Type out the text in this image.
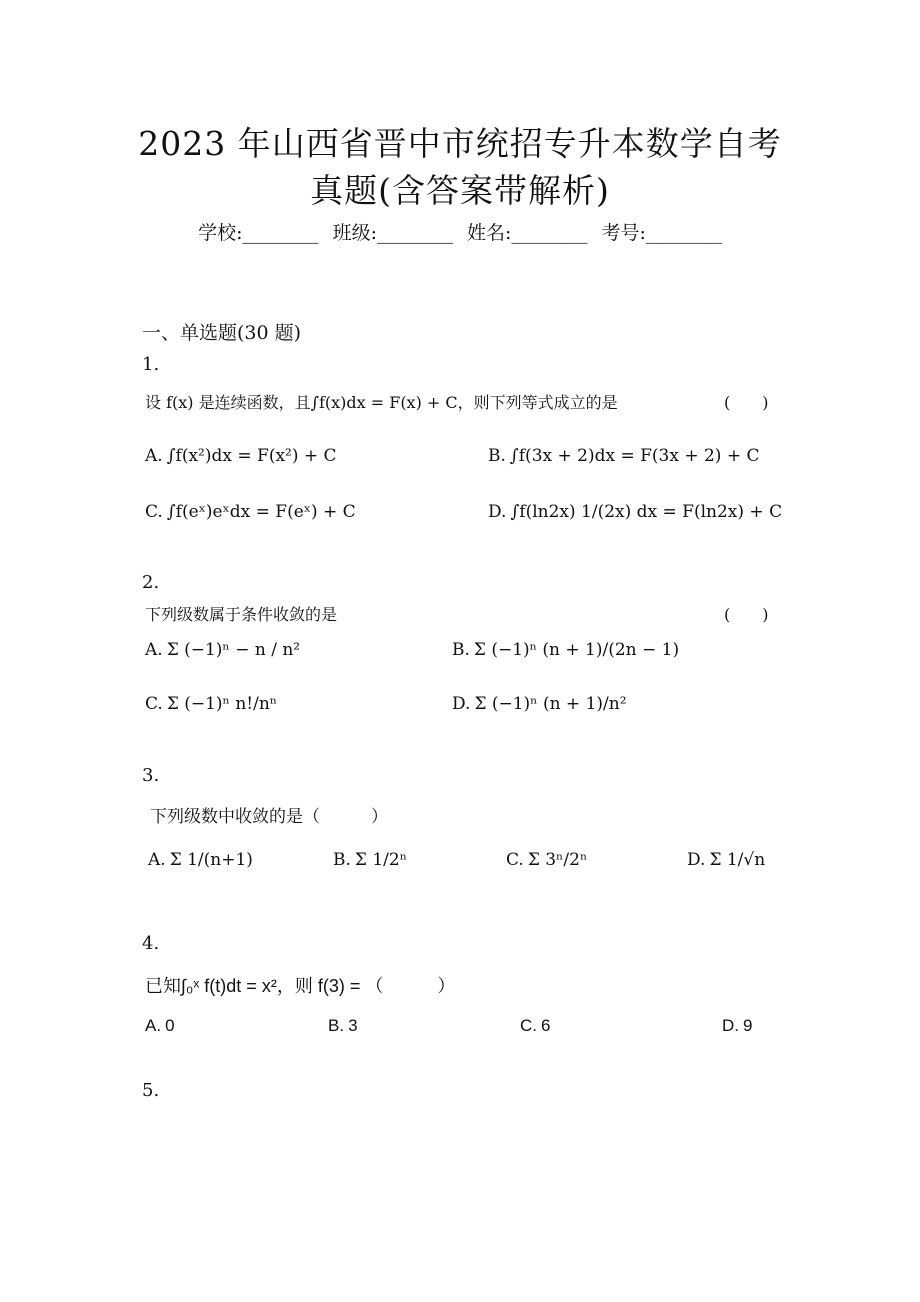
2023 年山西省晋中市统招专升本数学自考
真题(含答案带解析)
学校:________ 班级:________ 姓名:________ 考号:________
一、单选题(30 题)
1.
设 f(x) 是连续函数，且∫f(x)dx = F(x) + C，则下列等式成立的是	(　　)
A. ∫f(x²)dx = F(x²) + C	B. ∫f(3x + 2)dx = F(3x + 2) + C
C. ∫f(eˣ)eˣdx = F(eˣ) + C	D. ∫f(ln2x) 1/(2x) dx = F(ln2x) + C
2.
下列级数属于条件收敛的是	(　　)
A. Σ (−1)ⁿ − n / n²	B. Σ (−1)ⁿ (n + 1)/(2n − 1)
C. Σ (−1)ⁿ n!/nⁿ	D. Σ (−1)ⁿ (n + 1)/n²
3.
下列级数中收敛的是（　　　）
A. Σ 1/(n+1)	B. Σ 1/2ⁿ	C. Σ 3ⁿ/2ⁿ	D. Σ 1/√n
4.
已知∫₀ˣ f(t)dt = x²，则 f(3) = （　　　）
A. 0	B. 3	C. 6	D. 9
5.
